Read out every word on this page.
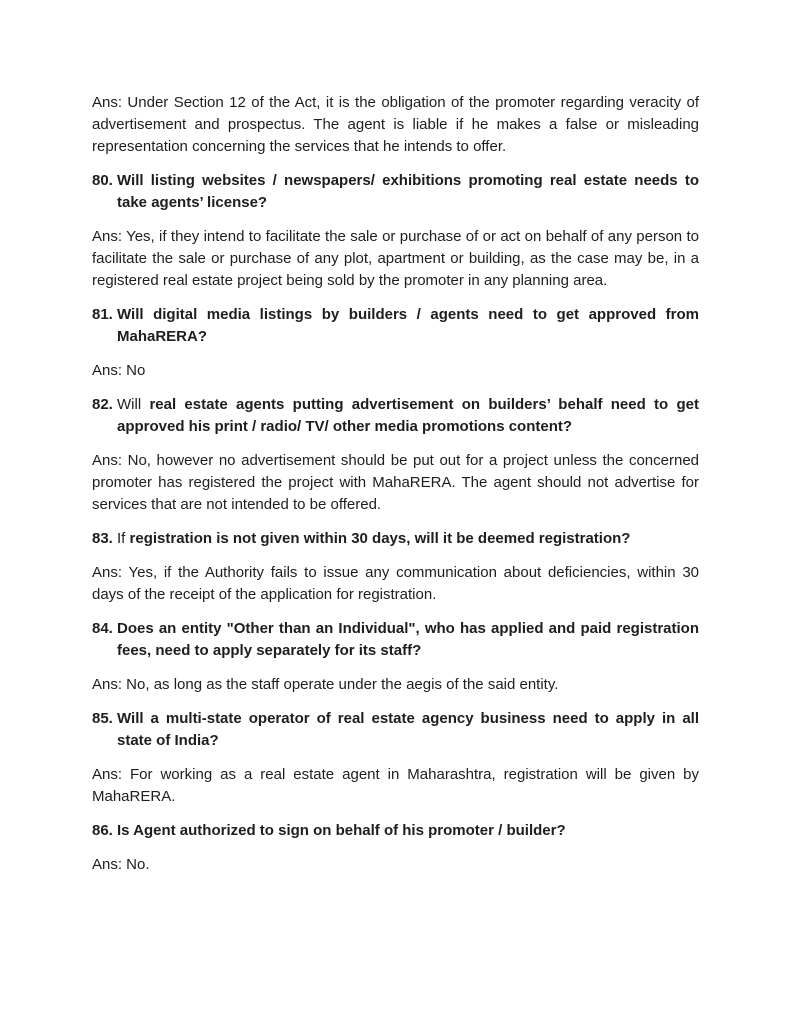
Ans: Under Section 12 of the Act, it is the obligation of the promoter regarding veracity of advertisement and prospectus. The agent is liable if he makes a false or misleading representation concerning the services that he intends to offer.

80. Will listing websites / newspapers/ exhibitions promoting real estate needs to take agents’ license?

Ans: Yes, if they intend to facilitate the sale or purchase of or act on behalf of any person to facilitate the sale or purchase of any plot, apartment or building, as the case may be, in a registered real estate project being sold by the promoter in any planning area.

81. Will digital media listings by builders / agents need to get approved from MahaRERA?

Ans: No

82. Will real estate agents putting advertisement on builders’ behalf need to get approved his print / radio/ TV/ other media promotions content?

Ans: No, however no advertisement should be put out for a project unless the concerned promoter has registered the project with MahaRERA. The agent should not advertise for services that are not intended to be offered.

83. If registration is not given within 30 days, will it be deemed registration?

Ans: Yes, if the Authority fails to issue any communication about deficiencies, within 30 days of the receipt of the application for registration.

84. Does an entity "Other than an Individual", who has applied and paid registration fees, need to apply separately for its staff?

Ans: No, as long as the staff operate under the aegis of the said entity.

85. Will a multi-state operator of real estate agency business need to apply in all state of India?

Ans: For working as a real estate agent in Maharashtra, registration will be given by MahaRERA.

86. Is Agent authorized to sign on behalf of his promoter / builder?

Ans: No.
